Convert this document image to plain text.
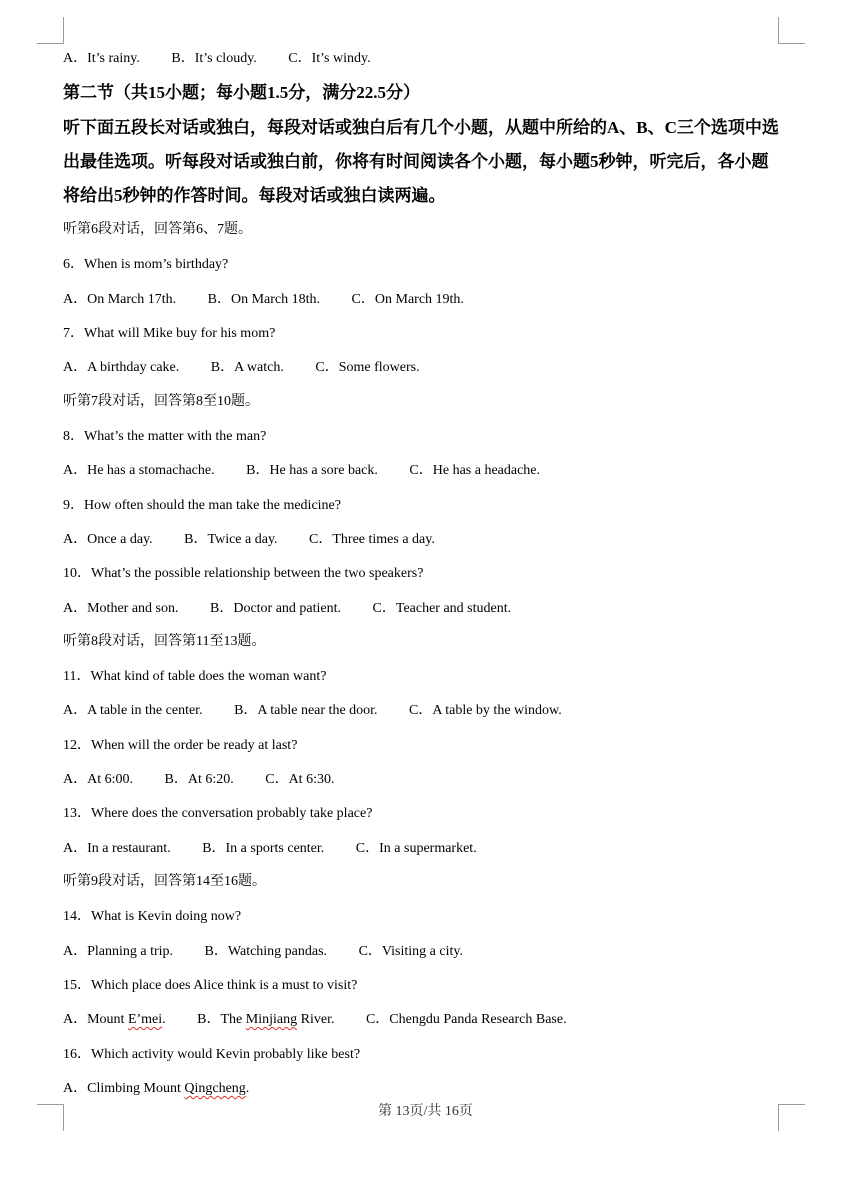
A．It’s rainy. B．It’s cloudy. C．It’s windy.
第二节（共15小题；每小题1.5分，满分22.5分）
听下面五段长对话或独白，每段对话或独白后有几个小题，从题中所给的A、B、C三个选项中选出最佳选项。听每段对话或独白前，你将有时间阅读各个小题，每小题5秒钟，听完后，各小题将给出5秒钟的作答时间。每段对话或独白读两遍。
听第6段对话，回答第6、7题。
6．When is mom’s birthday?
A．On March 17th. B．On March 18th. C．On March 19th.
7．What will Mike buy for his mom?
A．A birthday cake. B．A watch. C．Some flowers.
听第7段对话，回答第8至10题。
8．What’s the matter with the man?
A．He has a stomachache. B．He has a sore back. C．He has a headache.
9．How often should the man take the medicine?
A．Once a day. B．Twice a day. C．Three times a day.
10．What’s the possible relationship between the two speakers?
A．Mother and son. B．Doctor and patient. C．Teacher and student.
听第8段对话，回答第11至13题。
11．What kind of table does the woman want?
A．A table in the center. B．A table near the door. C．A table by the window.
12．When will the order be ready at last?
A．At 6:00. B．At 6:20. C．At 6:30.
13．Where does the conversation probably take place?
A．In a restaurant. B．In a sports center. C．In a supermarket.
听第9段对话，回答第14至16题。
14．What is Kevin doing now?
A．Planning a trip. B．Watching pandas. C．Visiting a city.
15．Which place does Alice think is a must to visit?
A．Mount E’mei. B．The Minjiang River. C．Chengdu Panda Research Base.
16．Which activity would Kevin probably like best?
A．Climbing Mount Qingcheng.
第 13页/共 16页
